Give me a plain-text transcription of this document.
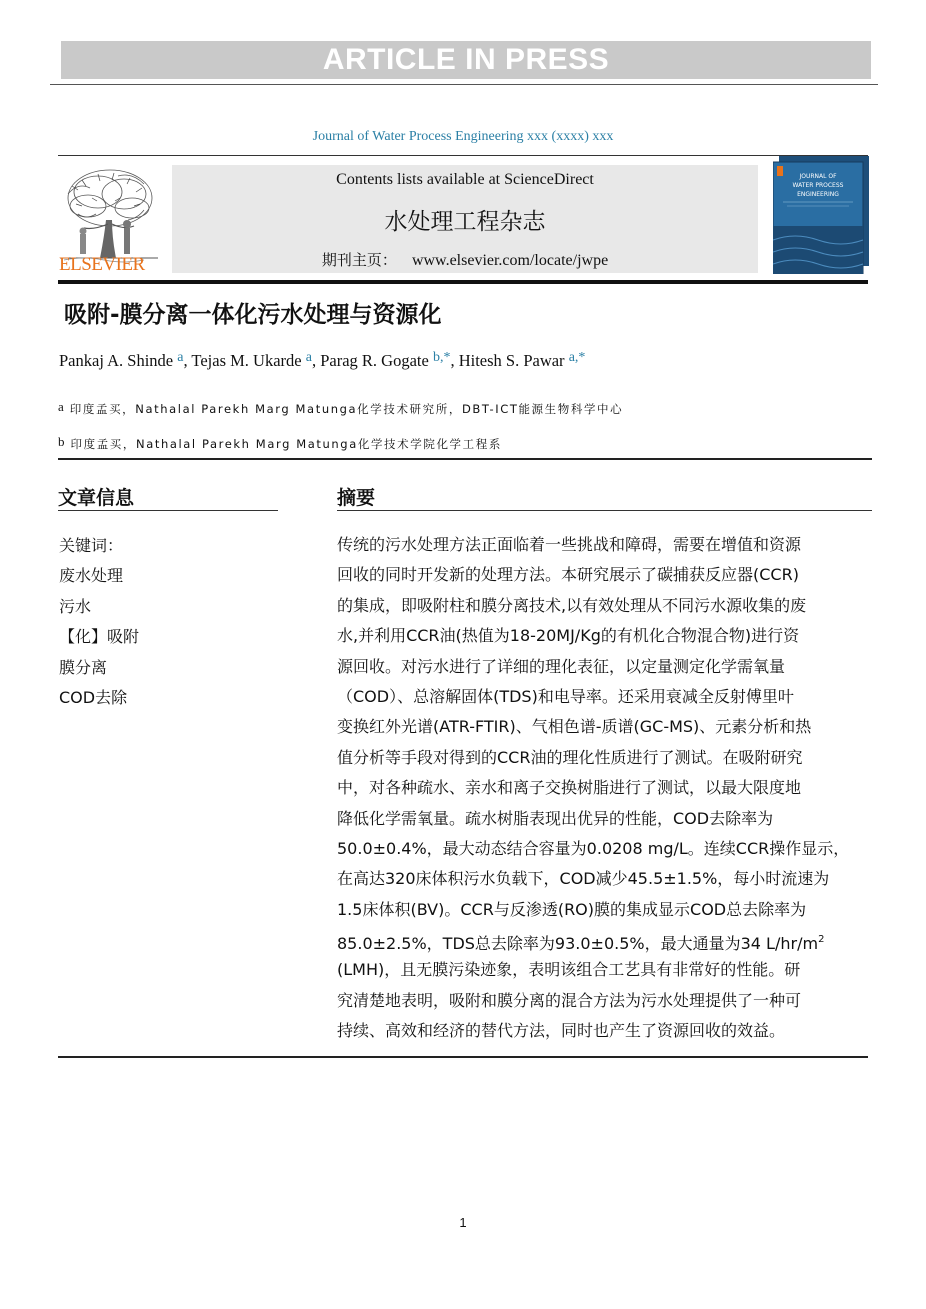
ARTICLE IN PRESS
Journal of Water Process Engineering xxx (xxxx) xxx
ELSEVIER
Contents lists available at ScienceDirect
水处理工程杂志
期刊主页： www.elsevier.com/locate/jwpe
JOURNAL OF
WATER PROCESS
ENGINEERING
吸附-膜分离一体化污水处理与资源化
Pankaj A. Shinde $^a$, Tejas M. Ukarde $^a$, Parag R. Gogate $^{b,*}$, Hitesh S. Pawar $^{a,*}$
a 印度孟买，Nathalal Parekh Marg Matunga化学技术研究所，DBT-ICT能源生物科学中心
b 印度孟买，Nathalal Parekh Marg Matunga化学技术学院化学工程系
文章信息	摘要
关键词：
废水处理
污水
【化】吸附
膜分离
COD去除
传统的污水处理方法正面临着一些挑战和障碍，需要在增值和资源
回收的同时开发新的处理方法。本研究展示了碳捕获反应器(CCR)
的集成，即吸附柱和膜分离技术,以有效处理从不同污水源收集的废
水,并利用CCR油(热值为18-20MJ/Kg的有机化合物混合物)进行资
源回收。对污水进行了详细的理化表征，以定量测定化学需氧量
（COD）、总溶解固体(TDS)和电导率。还采用衰减全反射傅里叶
变换红外光谱(ATR-FTIR)、气相色谱-质谱(GC-MS)、元素分析和热
值分析等手段对得到的CCR油的理化性质进行了测试。在吸附研究
中，对各种疏水、亲水和离子交换树脂进行了测试，以最大限度地
降低化学需氧量。疏水树脂表现出优异的性能，COD去除率为
50.0±0.4%，最大动态结合容量为0.0208 mg/L。连续CCR操作显示，
在高达320床体积污水负载下，COD减少45.5±1.5%，每小时流速为
1.5床体积(BV)。CCR与反渗透(RO)膜的集成显示COD总去除率为
85.0±2.5%，TDS总去除率为93.0±0.5%，最大通量为34 $L/hr/m^2$
(LMH)，且无膜污染迹象，表明该组合工艺具有非常好的性能。研
究清楚地表明，吸附和膜分离的混合方法为污水处理提供了一种可
持续、高效和经济的替代方法，同时也产生了资源回收的效益。
1
